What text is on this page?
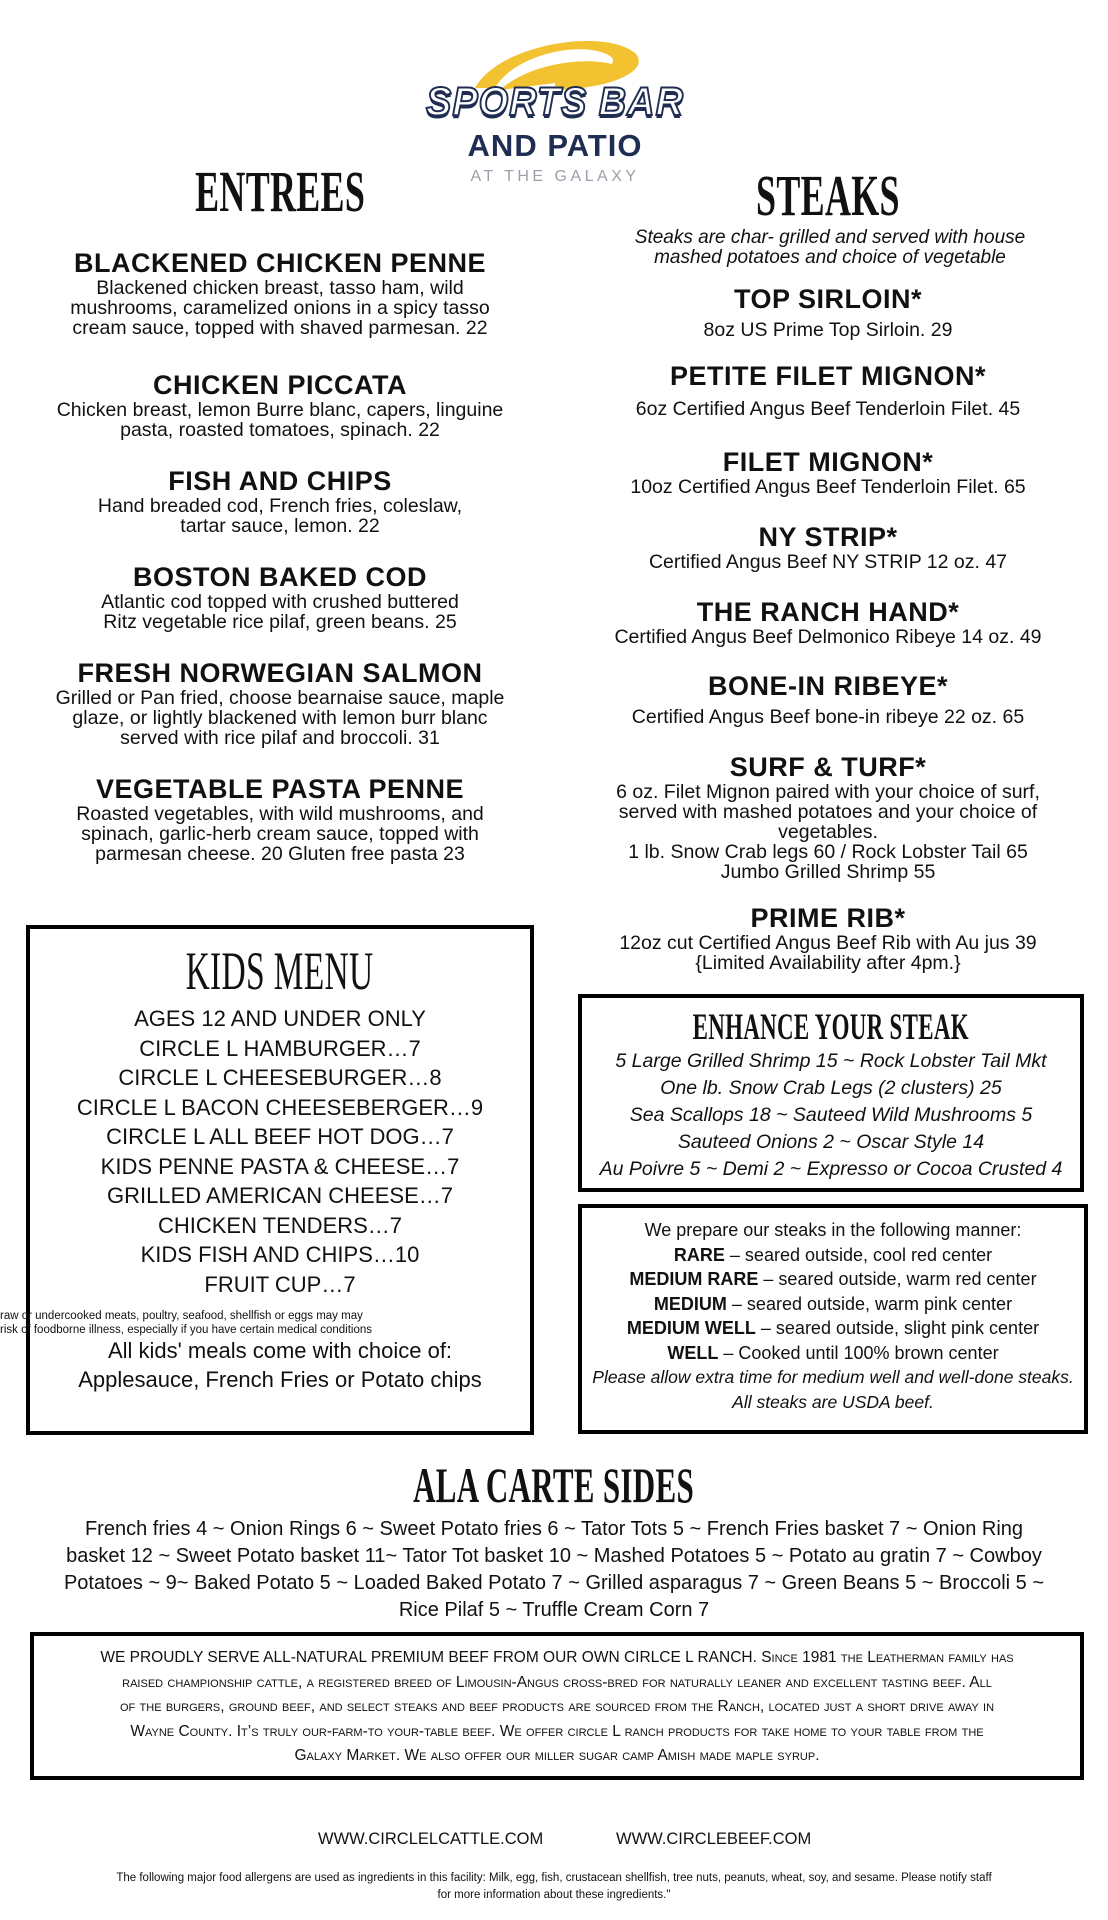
SPORTS BAR
AND PATIO
AT THE GALAXY
ENTREES
BLACKENED CHICKEN PENNE
Blackened chicken breast, tasso ham, wild mushrooms, caramelized onions in a spicy tasso cream sauce, topped with shaved parmesan. 22
CHICKEN PICCATA
Chicken breast, lemon Burre blanc, capers, linguine pasta, roasted tomatoes, spinach. 22
FISH AND CHIPS
Hand breaded cod, French fries, coleslaw, tartar sauce, lemon. 22
BOSTON BAKED COD
Atlantic cod topped with crushed buttered Ritz vegetable rice pilaf, green beans. 25
FRESH NORWEGIAN SALMON
Grilled or Pan fried, choose bearnaise sauce, maple glaze, or lightly blackened with lemon burr blanc served with rice pilaf and broccoli. 31
VEGETABLE PASTA PENNE
Roasted vegetables, with wild mushrooms, and spinach, garlic-herb cream sauce, topped with parmesan cheese. 20 Gluten free pasta 23
STEAKS
Steaks are char- grilled and served with house mashed potatoes and choice of vegetable
TOP SIRLOIN*
8oz US Prime Top Sirloin. 29
PETITE FILET MIGNON*
6oz Certified Angus Beef Tenderloin Filet. 45
FILET MIGNON*
10oz Certified Angus Beef Tenderloin Filet. 65
NY STRIP*
Certified Angus Beef NY STRIP 12 oz. 47
THE RANCH HAND*
Certified Angus Beef Delmonico Ribeye 14 oz. 49
BONE-IN RIBEYE*
Certified Angus Beef bone-in ribeye 22 oz. 65
SURF & TURF*
6 oz. Filet Mignon paired with your choice of surf, served with mashed potatoes and your choice of vegetables.
1 lb. Snow Crab legs 60 / Rock Lobster Tail 65
Jumbo Grilled Shrimp 55
PRIME RIB*
12oz cut Certified Angus Beef Rib with Au jus 39
{Limited Availability after 4pm.}
KIDS MENU
AGES 12 AND UNDER ONLY
CIRCLE L HAMBURGER…7
CIRCLE L CHEESEBURGER…8
CIRCLE L BACON CHEESEBERGER…9
CIRCLE L ALL BEEF HOT DOG…7
KIDS PENNE PASTA & CHEESE…7
GRILLED AMERICAN CHEESE…7
CHICKEN TENDERS…7
KIDS FISH AND CHIPS…10
FRUIT CUP…7
raw or undercooked meats, poultry, seafood, shellfish or eggs may may
risk of foodborne illness, especially if you have certain medical conditions
All kids' meals come with choice of:
Applesauce, French Fries or Potato chips
ENHANCE YOUR STEAK
5 Large Grilled Shrimp 15 ~ Rock Lobster Tail Mkt
One lb. Snow Crab Legs (2 clusters) 25
Sea Scallops 18 ~ Sauteed Wild Mushrooms 5
Sauteed Onions 2 ~ Oscar Style 14
Au Poivre 5 ~ Demi 2 ~ Expresso or Cocoa Crusted 4
We prepare our steaks in the following manner:
RARE – seared outside, cool red center
MEDIUM RARE – seared outside, warm red center
MEDIUM – seared outside, warm pink center
MEDIUM WELL – seared outside, slight pink center
WELL – Cooked until 100% brown center
Please allow extra time for medium well and well-done steaks.
All steaks are USDA beef.
ALA CARTE SIDES
French fries 4 ~ Onion Rings 6 ~ Sweet Potato fries 6 ~ Tator Tots 5 ~ French Fries basket 7 ~ Onion Ring
basket 12 ~ Sweet Potato basket 11~ Tator Tot basket 10 ~ Mashed Potatoes 5 ~ Potato au gratin 7 ~ Cowboy
Potatoes ~ 9~ Baked Potato 5 ~ Loaded Baked Potato 7 ~ Grilled asparagus 7 ~ Green Beans 5 ~ Broccoli 5 ~
Rice Pilaf 5 ~ Truffle Cream Corn 7
WE PROUDLY SERVE ALL-NATURAL PREMIUM BEEF FROM OUR OWN CIRLCE L RANCH. Since 1981 the Leatherman family has
raised championship cattle, a registered breed of Limousin-Angus cross-bred for naturally leaner and excellent tasting beef. All
of the burgers, ground beef, and select steaks and beef products are sourced from the Ranch, located just a short drive away in
Wayne County. It’s truly our-farm-to your-table beef. We offer circle L ranch products for take home to your table from the
Galaxy Market. We also offer our miller sugar camp Amish made maple syrup.
WWW.CIRCLELCATTLE.COM	WWW.CIRCLEBEEF.COM
The following major food allergens are used as ingredients in this facility: Milk, egg, fish, crustacean shellfish, tree nuts, peanuts, wheat, soy, and sesame. Please notify staff
for more information about these ingredients."
